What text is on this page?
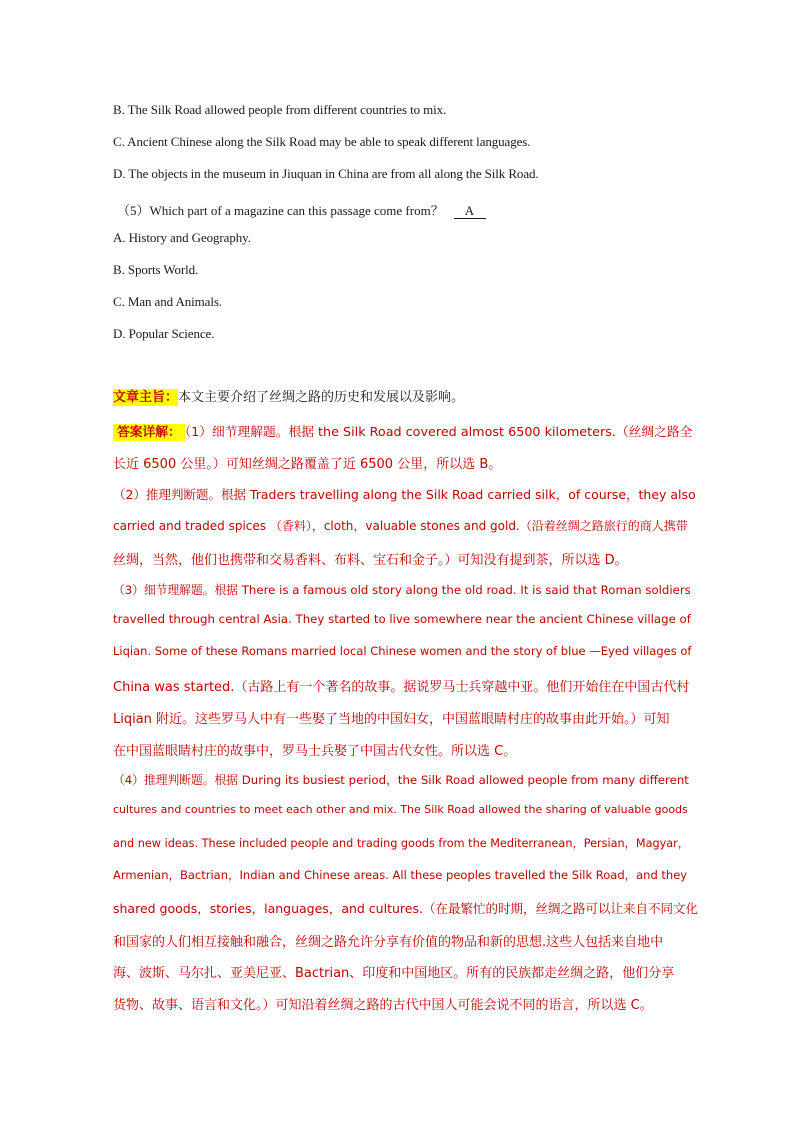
B. The Silk Road allowed people from different countries to mix.
C. Ancient Chinese along the Silk Road may be able to speak different languages.
D. The objects in the museum in Jiuquan in China are from all along the Silk Road.
（5）Which part of a magazine can this passage come from？ A
A. History and Geography.
B. Sports World.
C. Man and Animals.
D. Popular Science.
文章主旨：本文主要介绍了丝绸之路的历史和发展以及影响。
答案详解： （1）细节理解题。根据 the Silk Road covered almost 6500 kilometers.（丝绸之路全
长近 6500 公里。）可知丝绸之路覆盖了近 6500 公里，所以选 B。
（2）推理判断题。根据 Traders travelling along the Silk Road carried silk，of course，they also
carried and traded spices （香料），cloth，valuable stones and gold.（沿着丝绸之路旅行的商人携带
丝绸，当然，他们也携带和交易香料、布料、宝石和金子。）可知没有提到茶，所以选 D。
（3）细节理解题。根据 There is a famous old story along the old road. It is said that Roman soldiers
travelled through central Asia. They started to live somewhere near the ancient Chinese village of
Liqian. Some of these Romans married local Chinese women and the story of blue —Eyed villages of
China was started.（古路上有一个著名的故事。据说罗马士兵穿越中亚。他们开始住在中国古代村
Liqian 附近。这些罗马人中有一些娶了当地的中国妇女，中国蓝眼睛村庄的故事由此开始。）可知
在中国蓝眼睛村庄的故事中，罗马士兵娶了中国古代女性。所以选 C。
（4）推理判断题。根据 During its busiest period，the Silk Road allowed people from many different
cultures and countries to meet each other and mix. The Silk Road allowed the sharing of valuable goods
and new ideas. These included people and trading goods from the Mediterranean，Persian，Magyar，
Armenian，Bactrian，Indian and Chinese areas. All these peoples travelled the Silk Road，and they
shared goods，stories，languages，and cultures.（在最繁忙的时期，丝绸之路可以让来自不同文化
和国家的人们相互接触和融合，丝绸之路允许分享有价值的物品和新的思想.这些人包括来自地中
海、波斯、马尔扎、亚美尼亚、Bactrian、印度和中国地区。所有的民族都走丝绸之路，他们分享
货物、故事、语言和文化。）可知沿着丝绸之路的古代中国人可能会说不同的语言，所以选 C。
